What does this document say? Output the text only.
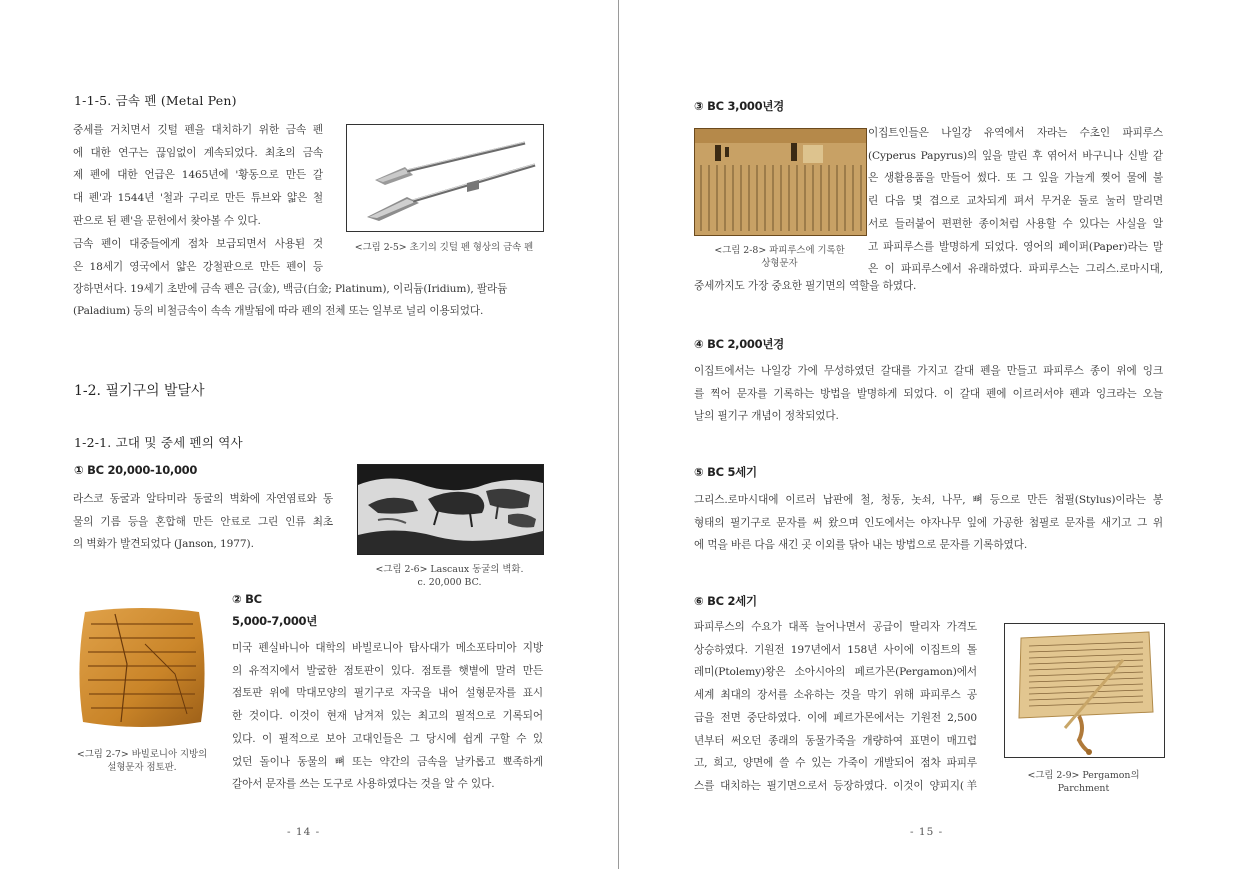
1-1-5. 금속 펜 (Metal Pen)
중세를 거치면서 깃털 펜을 대치하기 위한 금속 펜
에 대한 연구는 끊임없이 계속되었다. 최초의 금속
제 펜에 대한 언급은 1465년에 '황동으로 만든 갈
대 펜'과 1544년 '철과 구리로 만든 튜브와 얇은 철
판으로 된 펜'을 문헌에서 찾아볼 수 있다.
<그림 2-5> 초기의 깃털 펜 형상의 금속 펜
금속 펜이 대중들에게 점차 보급되면서 사용된 것
은 18세기 영국에서 얇은 강철판으로 만든 펜이 등
장하면서다. 19세기 초반에 금속 펜은 금(金), 백금(白金; Platinum), 이리듐(Iridium), 팔라듐
(Paladium) 등의 비철금속이 속속 개발됨에 따라 펜의 전체 또는 일부로 널리 이용되었다.
1-2. 필기구의 발달사
1-2-1. 고대 및 중세 펜의 역사
① BC 20,000-10,000
라스코 동굴과 알타미라 동굴의 벽화에 자연염료와 동
물의 기름 등을 혼합해 만든 안료로 그린 인류 최초
의 벽화가 발견되었다 (Janson, 1977).
<그림 2-6> Lascaux 동굴의 벽화.
c. 20,000 BC.
<그림 2-7> 바빌로니아 지방의
설형문자 점토판.
② BC
5,000-7,000년
미국 펜실바니아 대학의 바빌로니아 탐사대가 메소포타미아 지방
의 유적지에서 발굴한 점토판이 있다. 점토를 햇볕에 말려 만든
점토판 위에 막대모양의 필기구로 자국을 내어 설형문자를 표시
한 것이다. 이것이 현재 남겨져 있는 최고의 필적으로 기록되어
있다. 이 필적으로 보아 고대인들은 그 당시에 쉽게 구할 수 있
었던 돌이나 동물의 뼈 또는 약간의 금속을 날카롭고 뾰족하게
갈아서 문자를 쓰는 도구로 사용하였다는 것을 알 수 있다.
- 14 -
③ BC 3,000년경
<그림 2-8> 파피루스에 기록한
상형문자
이집트인들은 나일강 유역에서 자라는 수초인 파피루스
(Cyperus Papyrus)의 잎을 말린 후 엮어서 바구니나 신발 같
은 생활용품을 만들어 썼다. 또 그 잎을 가늘게 찢어 물에 불
린 다음 몇 겹으로 교차되게 펴서 무거운 돌로 눌러 말리면
서로 들러붙어 편편한 종이처럼 사용할 수 있다는 사실을 알
고 파피루스를 발명하게 되었다. 영어의 페이퍼(Paper)라는 말
은 이 파피루스에서 유래하였다. 파피루스는 그리스.로마시대,
중세까지도 가장 중요한 필기면의 역할을 하였다.
④ BC 2,000년경
이집트에서는 나일강 가에 무성하였던 갈대를 가지고 갈대 펜을 만들고 파피루스 종이 위에 잉크
를 찍어 문자를 기록하는 방법을 발명하게 되었다. 이 갈대 펜에 이르러서야 펜과 잉크라는 오늘
날의 필기구 개념이 정착되었다.
⑤ BC 5세기
그리스.로마시대에 이르러 납판에 철, 청동, 놋쇠, 나무, 뼈 등으로 만든 첨필(Stylus)이라는 봉
형태의 필기구로 문자를 써 왔으며 인도에서는 야자나무 잎에 가공한 첨필로 문자를 새기고 그 위
에 먹을 바른 다음 새긴 곳 이외를 닦아 내는 방법으로 문자를 기록하였다.
⑥ BC 2세기
파피루스의 수요가 대폭 늘어나면서 공급이 딸리자 가격도
상승하였다. 기원전 197년에서 158년 사이에 이집트의 톨
레미(Ptolemy)왕은 소아시아의 페르가몬(Pergamon)에서
세계 최대의 장서를 소유하는 것을 막기 위해 파피루스 공
급을 전면 중단하였다. 이에 페르가몬에서는 기원전 2,500
년부터 써오던 종래의 동물가죽을 개량하여 표면이 매끄럽
고, 희고, 양면에 쓸 수 있는 가죽이 개발되어 점차 파피루
스를 대치하는 필기면으로서 등장하였다. 이것이 양피지(羊
<그림 2-9> Pergamon의 Parchment
- 15 -
